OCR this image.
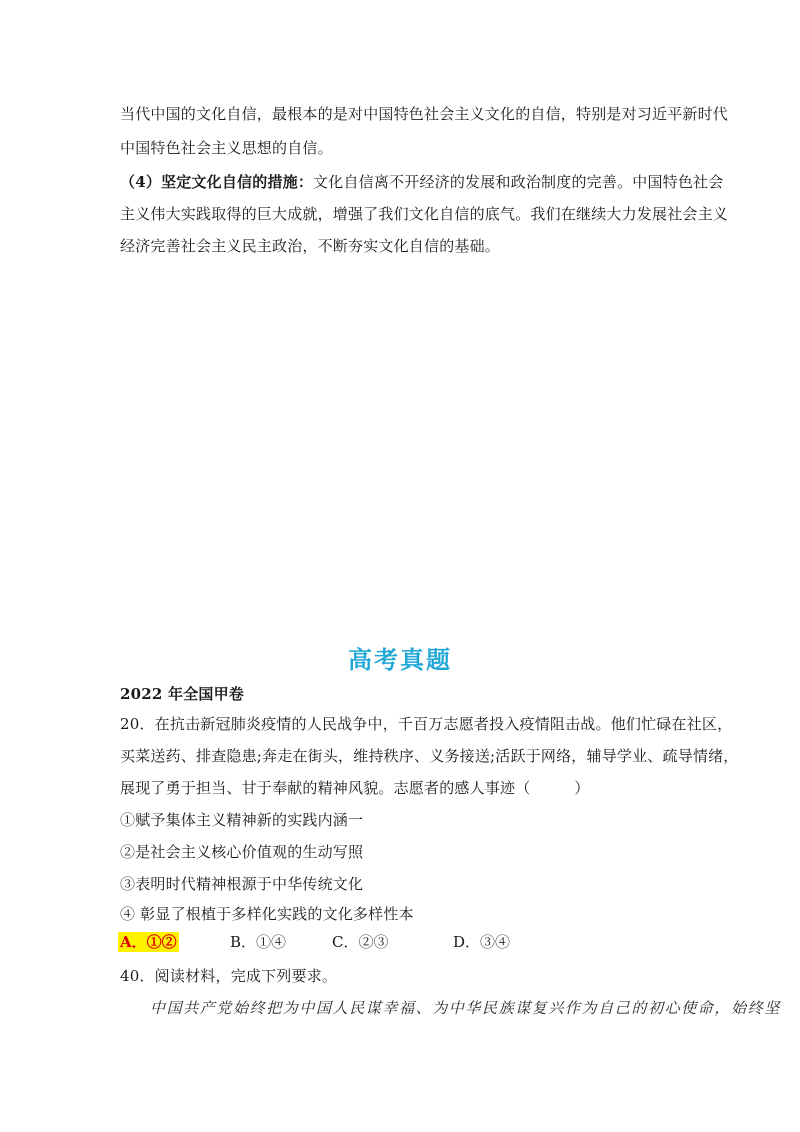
当代中国的文化自信，最根本的是对中国特色社会主义文化的自信，特别是对习近平新时代
中国特色社会主义思想的自信。
（4）坚定文化自信的措施：文化自信离不开经济的发展和政治制度的完善。中国特色社会
主义伟大实践取得的巨大成就，增强了我们文化自信的底气。我们在继续大力发展社会主义
经济完善社会主义民主政治，不断夯实文化自信的基础。
高考真题
2022 年全国甲卷
20．在抗击新冠肺炎疫情的人民战争中，千百万志愿者投入疫情阻击战。他们忙碌在社区，
买菜送药、排查隐患;奔走在街头，维持秩序、义务接送;活跃于网络，辅导学业、疏导情绪，
展现了勇于担当、甘于奉献的精神风貌。志愿者的感人事迹（	）
①赋予集体主义精神新的实践内涵一
②是社会主义核心价值观的生动写照
③表明时代精神根源于中华传统文化
④ 彰显了根植于多样化实践的文化多样性本
A．①②	B．①④	C．②③	D．③④
40．阅读材料，完成下列要求。
中国共产党始终把为中国人民谋幸福、为中华民族谋复兴作为自己的初心使命，始终坚
